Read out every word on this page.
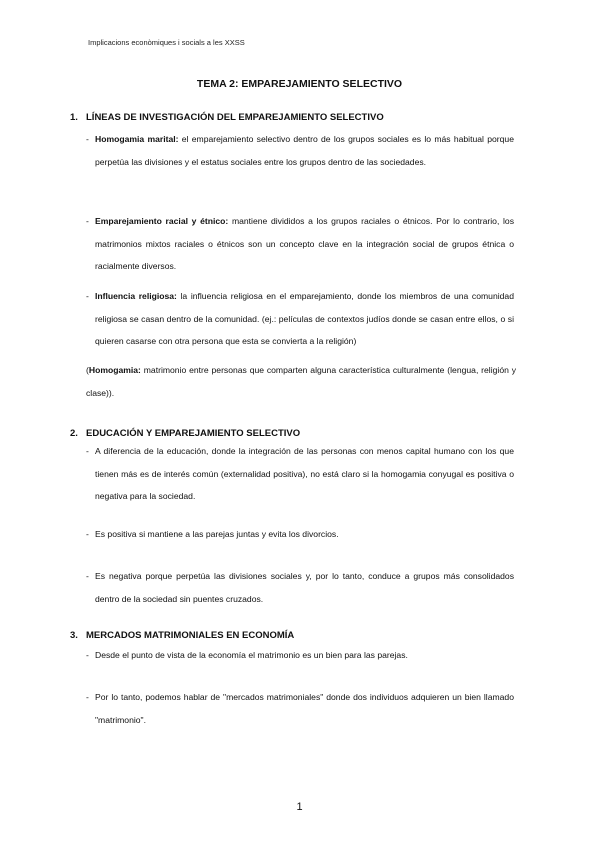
Implicacions econòmiques i socials a les XXSS
TEMA 2: EMPAREJAMIENTO SELECTIVO
1. LÍNEAS DE INVESTIGACIÓN DEL EMPAREJAMIENTO SELECTIVO
- Homogamia marital: el emparejamiento selectivo dentro de los grupos sociales es lo más habitual porque perpetúa las divisiones y el estatus sociales entre los grupos dentro de las sociedades.
- Emparejamiento racial y étnico: mantiene divididos a los grupos raciales o étnicos. Por lo contrario, los matrimonios mixtos raciales o étnicos son un concepto clave en la integración social de grupos étnica o racialmente diversos.
- Influencia religiosa: la influencia religiosa en el emparejamiento, donde los miembros de una comunidad religiosa se casan dentro de la comunidad. (ej.: películas de contextos judíos donde se casan entre ellos, o si quieren casarse con otra persona que esta se convierta a la religión)
(Homogamia: matrimonio entre personas que comparten alguna característica culturalmente (lengua, religión y clase)).
2. EDUCACIÓN Y EMPAREJAMIENTO SELECTIVO
- A diferencia de la educación, donde la integración de las personas con menos capital humano con los que tienen más es de interés común (externalidad positiva), no está claro si la homogamia conyugal es positiva o negativa para la sociedad.
- Es positiva si mantiene a las parejas juntas y evita los divorcios.
- Es negativa porque perpetúa las divisiones sociales y, por lo tanto, conduce a grupos más consolidados dentro de la sociedad sin puentes cruzados.
3. MERCADOS MATRIMONIALES EN ECONOMÍA
- Desde el punto de vista de la economía el matrimonio es un bien para las parejas.
- Por lo tanto, podemos hablar de "mercados matrimoniales" donde dos individuos adquieren un bien llamado "matrimonio".
1
